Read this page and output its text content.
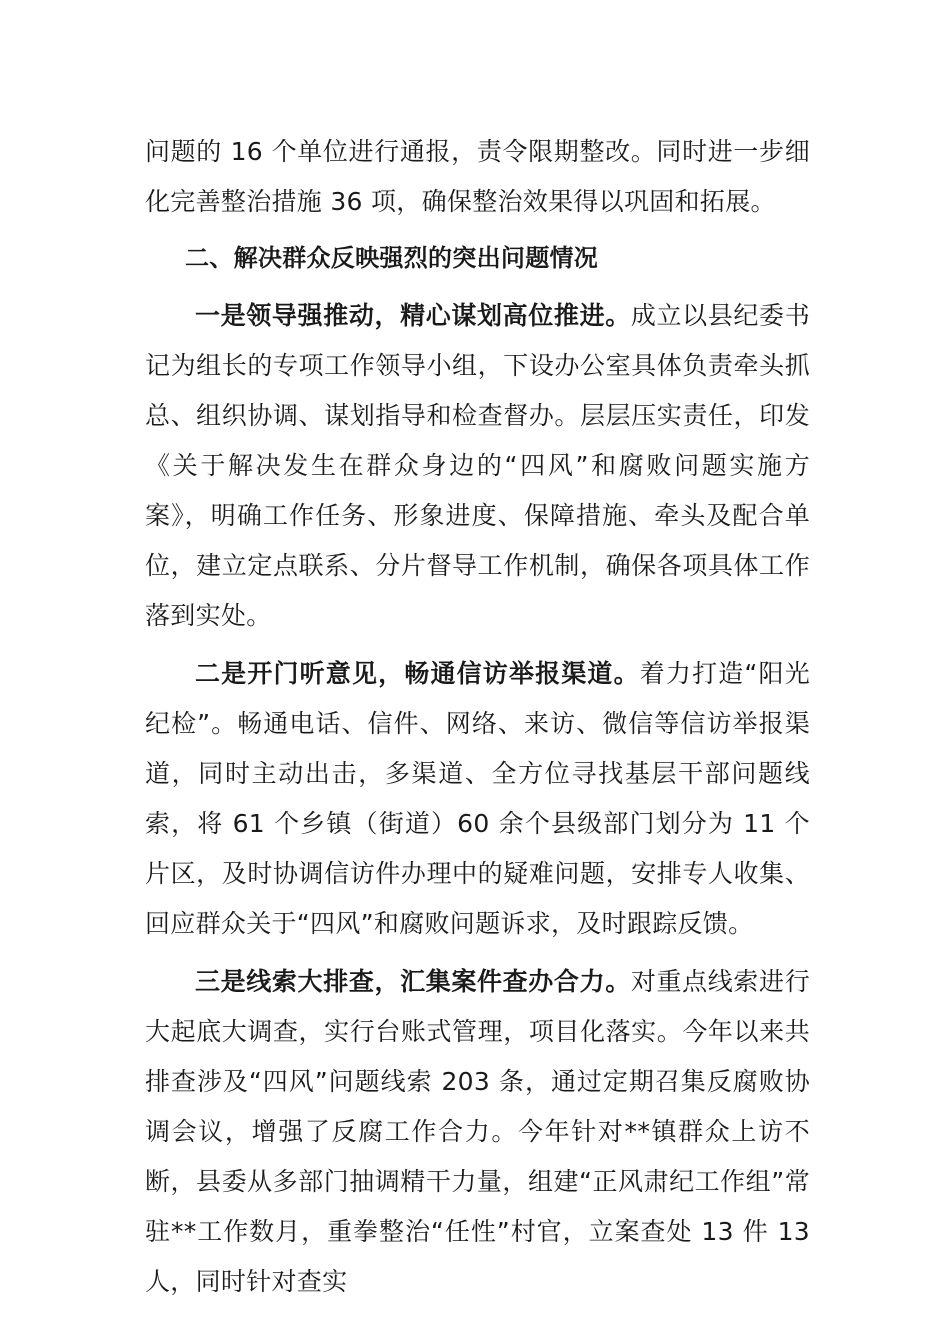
问题的 16 个单位进行通报，责令限期整改。同时进一步细化完善整治措施 36 项，确保整治效果得以巩固和拓展。

二、解决群众反映强烈的突出问题情况

一是领导强推动，精心谋划高位推进。成立以县纪委书记为组长的专项工作领导小组，下设办公室具体负责牵头抓总、组织协调、谋划指导和检查督办。层层压实责任，印发《关于解决发生在群众身边的“四风”和腐败问题实施方案》，明确工作任务、形象进度、保障措施、牵头及配合单位，建立定点联系、分片督导工作机制，确保各项具体工作落到实处。

二是开门听意见，畅通信访举报渠道。着力打造“阳光纪检”。畅通电话、信件、网络、来访、微信等信访举报渠道，同时主动出击，多渠道、全方位寻找基层干部问题线索，将 61 个乡镇（街道）60 余个县级部门划分为 11 个片区，及时协调信访件办理中的疑难问题，安排专人收集、回应群众关于“四风”和腐败问题诉求，及时跟踪反馈。

三是线索大排查，汇集案件查办合力。对重点线索进行大起底大调查，实行台账式管理，项目化落实。今年以来共排查涉及“四风”问题线索 203 条，通过定期召集反腐败协调会议，增强了反腐工作合力。今年针对**镇群众上访不断，县委从多部门抽调精干力量，组建“正风肃纪工作组”常驻**工作数月，重拳整治“任性”村官，立案查处 13 件 13 人，同时针对查实
